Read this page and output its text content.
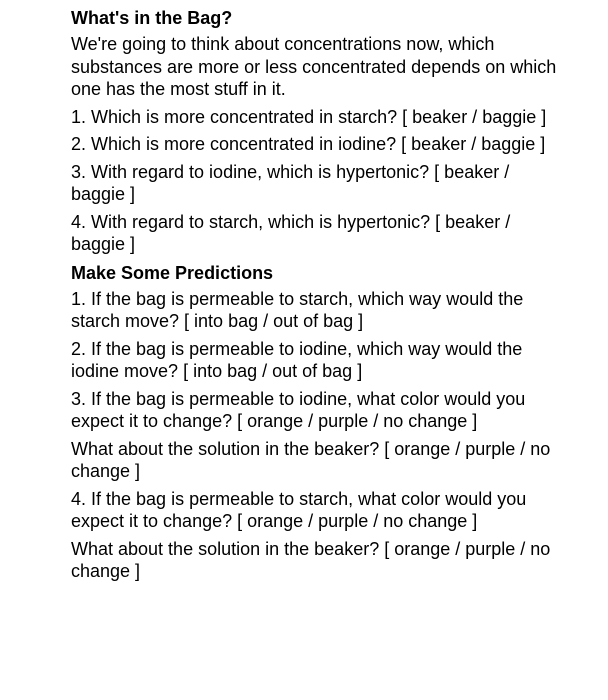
What's in the Bag?
We're going to think about concentrations now, which substances are more or less concentrated depends on which one has the most stuff in it.
1. Which is more concentrated in starch? [ beaker / baggie ]
2. Which is more concentrated in iodine? [ beaker / baggie ]
3. With regard to iodine, which is hypertonic? [ beaker / baggie ]
4. With regard to starch, which is hypertonic? [ beaker / baggie ]
Make Some Predictions
1. If the bag is permeable to starch, which way would the starch move? [ into bag / out of bag ]
2. If the bag is permeable to iodine, which way would the iodine move? [ into bag / out of bag ]
3. If the bag is permeable to iodine, what color would you expect it to change? [ orange / purple / no change ]
What about the solution in the beaker? [ orange / purple / no change ]
4. If the bag is permeable to starch, what color would you expect it to change? [ orange / purple / no change ]
What about the solution in the beaker? [ orange / purple / no change ]
